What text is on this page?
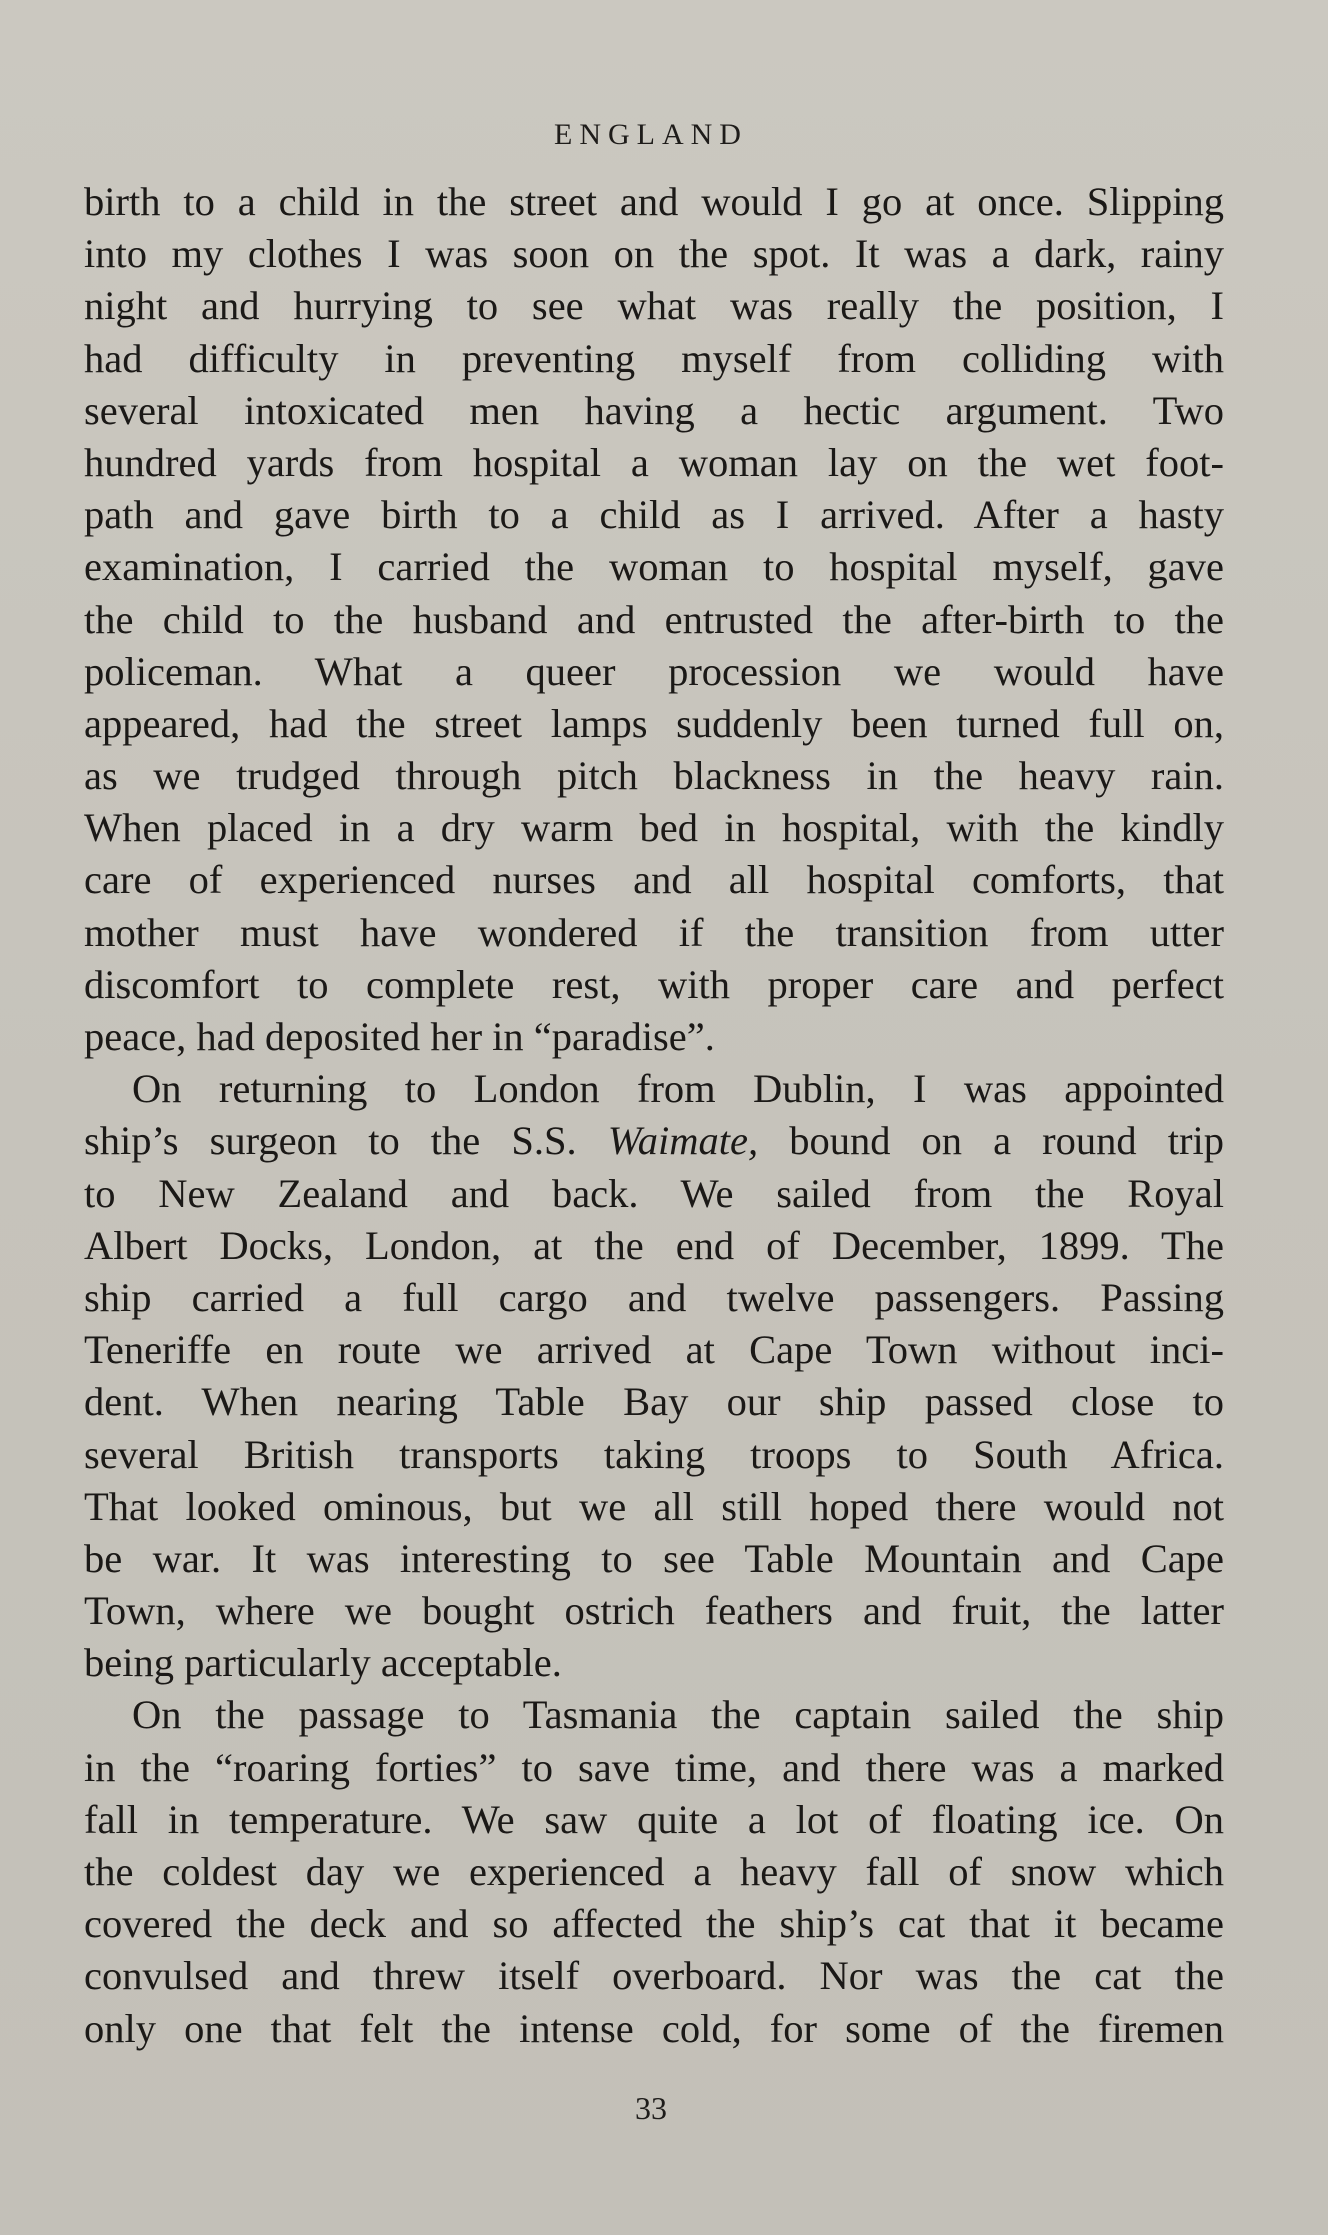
ENGLAND
birth to a child in the street and would I go at once. Slipping
into my clothes I was soon on the spot. It was a dark, rainy
night and hurrying to see what was really the position, I
had difficulty in preventing myself from colliding with
several intoxicated men having a hectic argument. Two
hundred yards from hospital a woman lay on the wet foot-
path and gave birth to a child as I arrived. After a hasty
examination, I carried the woman to hospital myself, gave
the child to the husband and entrusted the after-birth to the
policeman. What a queer procession we would have
appeared, had the street lamps suddenly been turned full on,
as we trudged through pitch blackness in the heavy rain.
When placed in a dry warm bed in hospital, with the kindly
care of experienced nurses and all hospital comforts, that
mother must have wondered if the transition from utter
discomfort to complete rest, with proper care and perfect
peace, had deposited her in “paradise”.
On returning to London from Dublin, I was appointed
ship’s surgeon to the S.S. Waimate, bound on a round trip
to New Zealand and back. We sailed from the Royal
Albert Docks, London, at the end of December, 1899. The
ship carried a full cargo and twelve passengers. Passing
Teneriffe en route we arrived at Cape Town without inci-
dent. When nearing Table Bay our ship passed close to
several British transports taking troops to South Africa.
That looked ominous, but we all still hoped there would not
be war. It was interesting to see Table Mountain and Cape
Town, where we bought ostrich feathers and fruit, the latter
being particularly acceptable.
On the passage to Tasmania the captain sailed the ship
in the “roaring forties” to save time, and there was a marked
fall in temperature. We saw quite a lot of floating ice. On
the coldest day we experienced a heavy fall of snow which
covered the deck and so affected the ship’s cat that it became
convulsed and threw itself overboard. Nor was the cat the
only one that felt the intense cold, for some of the firemen
33
